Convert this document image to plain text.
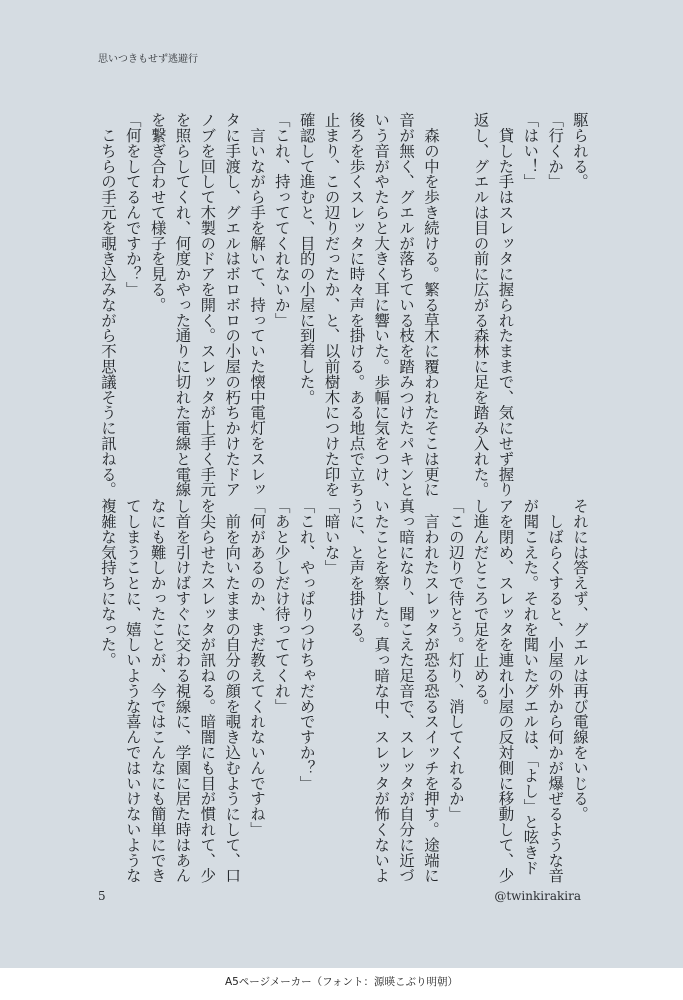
思いつきもせず逃避行
駆られる。
「行くか」
「はい！」
　貸した手はスレッタに握られたままで、気にせず握り
返し、グエルは目の前に広がる森林に足を踏み入れた。

　森の中を歩き続ける。繁る草木に覆われたそこは更に
音が無く、グエルが落ちている枝を踏みつけたパキンと
いう音がやたらと大きく耳に響いた。歩幅に気をつけ、
後ろを歩くスレッタに時々声を掛ける。ある地点で立ち
止まり、この辺りだったか、と、以前樹木につけた印を
確認して進むと、目的の小屋に到着した。
「これ、持っててくれないか」
　言いながら手を解いて、持っていた懐中電灯をスレッ
タに手渡し、グエルはボロボロの小屋の朽ちかけたドア
ノブを回して木製のドアを開く。スレッタが上手く手元
を照らしてくれ、何度かやった通りに切れた電線と電線
を繋ぎ合わせて様子を見る。
「何をしてるんですか？」
　こちらの手元を覗き込みながら不思議そうに訊ねる。
それには答えず、グエルは再び電線をいじる。
　しばらくすると、小屋の外から何かが爆ぜるような音
が聞こえた。それを聞いたグエルは、「よし」と呟きド
アを閉め、スレッタを連れ小屋の反対側に移動して、少
し進んだところで足を止める。
「この辺りで待とう。灯り、消してくれるか」
　言われたスレッタが恐る恐るスイッチを押す。途端に
真っ暗になり、聞こえた足音で、スレッタが自分に近づ
いたことを察した。真っ暗な中、スレッタが怖くないよ
うに、と声を掛ける。
「暗いな」
「これ、やっぱりつけちゃだめですか？」
「あと少しだけ待っててくれ」
「何があるのか、まだ教えてくれないんですね」
　前を向いたままの自分の顔を覗き込むようにして、口
を尖らせたスレッタが訊ねる。暗闇にも目が慣れて、少
し首を引けばすぐに交わる視線に、学園に居た時はあん
なにも難しかったことが、今ではこんなにも簡単にでき
てしまうことに、嬉しいような喜んではいけないような
複雑な気持ちになった。
5	@twinkirakira
A5ページメーカー（フォント：源暎こぶり明朝）
